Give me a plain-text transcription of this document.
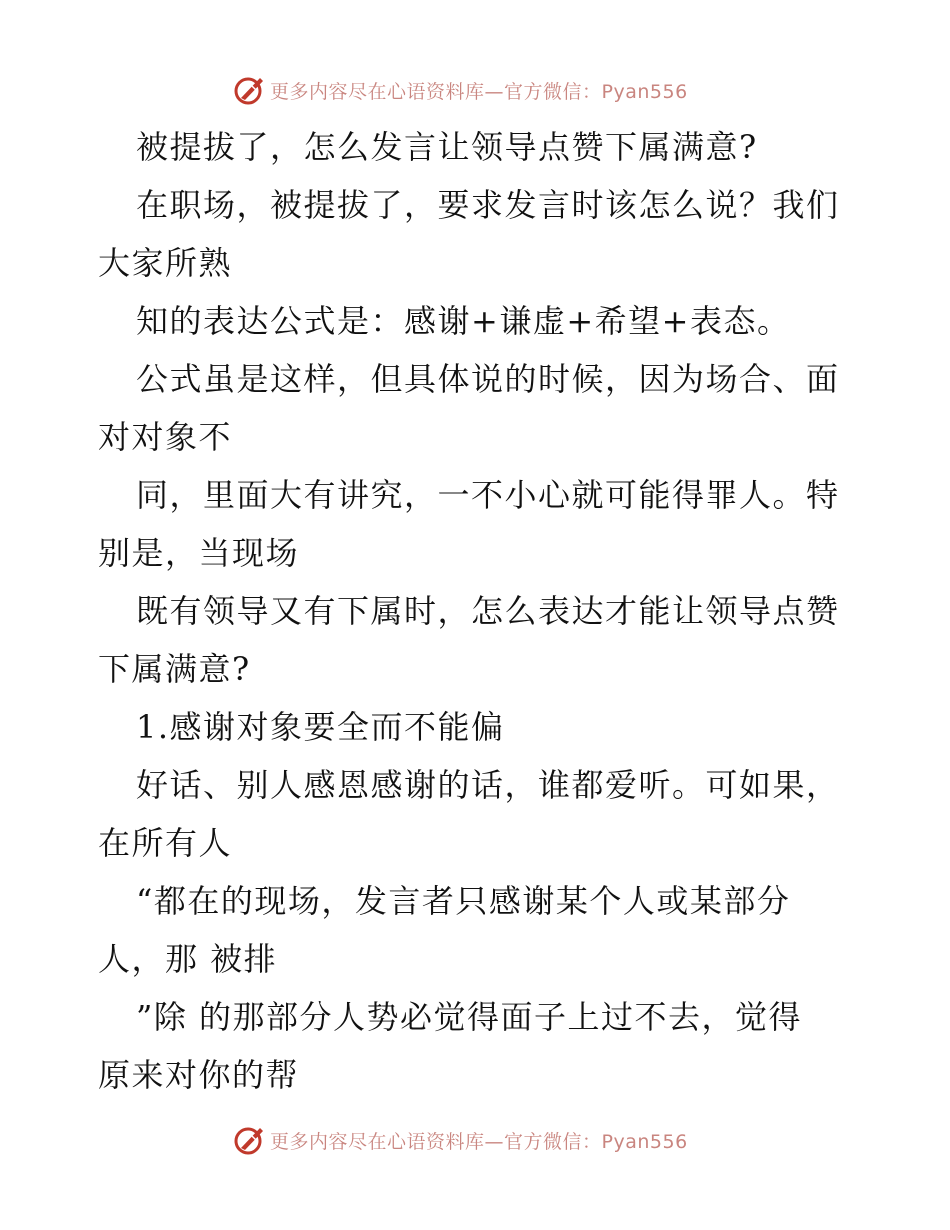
更多内容尽在心语资料库—官方微信：Pyan556
被提拔了，怎么发言让领导点赞下属满意?
在职场，被提拔了，要求发言时该怎么说？我们
大家所熟
知的表达公式是：感谢+谦虚+希望+表态。
公式虽是这样，但具体说的时候，因为场合、面
对对象不
同，里面大有讲究，一不小心就可能得罪人。特
别是，当现场
既有领导又有下属时，怎么表达才能让领导点赞
下属满意?
1.感谢对象要全而不能偏
好话、别人感恩感谢的话，谁都爱听。可如果，
在所有人
“都在的现场，发言者只感谢某个人或某部分
人，那 被排
”除 的那部分人势必觉得面子上过不去，觉得
原来对你的帮
更多内容尽在心语资料库—官方微信：Pyan556
